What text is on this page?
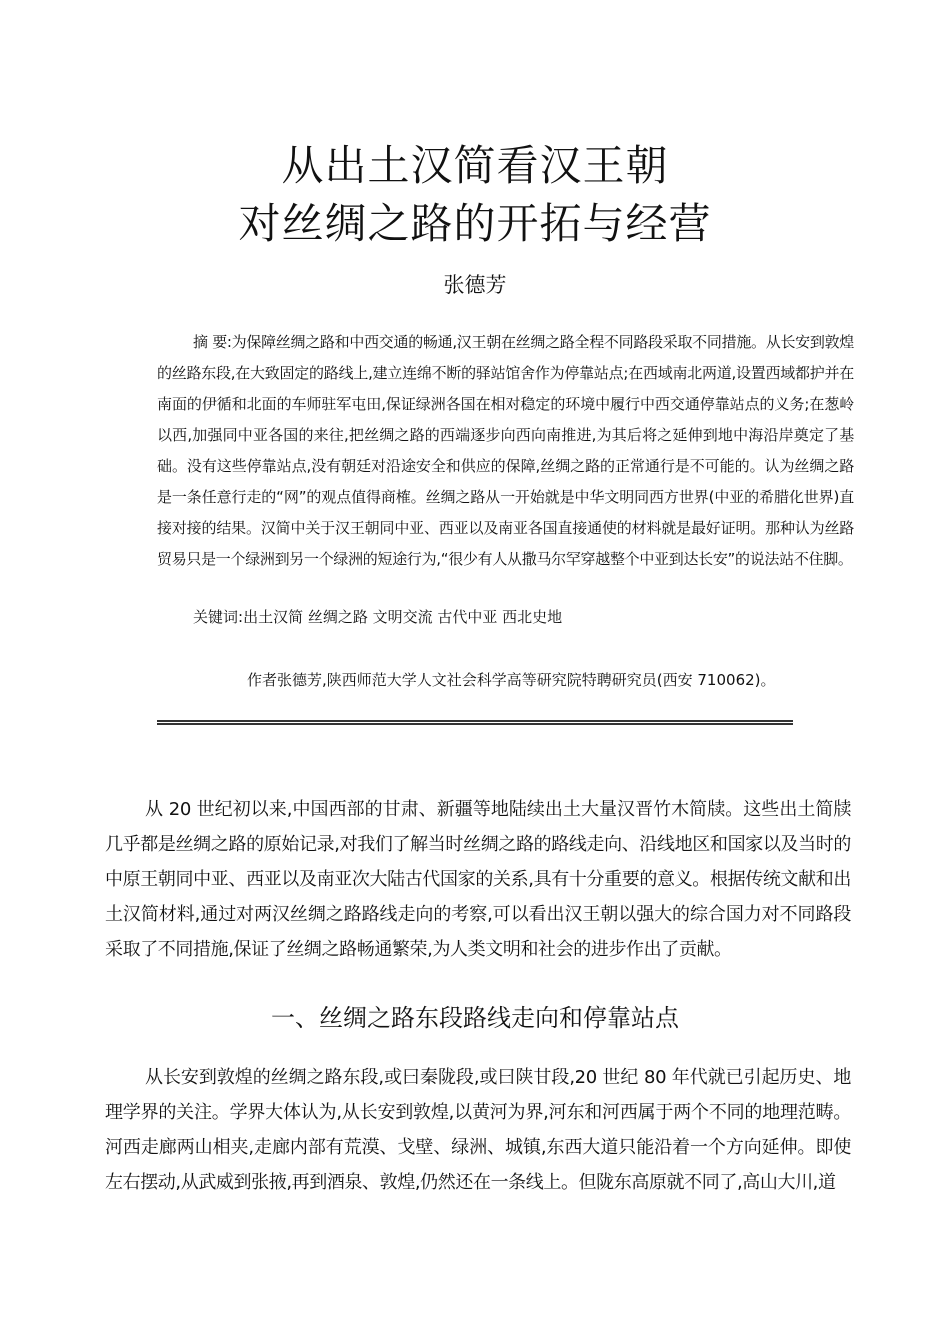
从出土汉简看汉王朝
对丝绸之路的开拓与经营
张德芳

摘 要:为保障丝绸之路和中西交通的畅通,汉王朝在丝绸之路全程不同路段采取不同措施。从长安到敦煌的丝路东段,在大致固定的路线上,建立连绵不断的驿站馆舍作为停靠站点;在西域南北两道,设置西域都护并在南面的伊循和北面的车师驻军屯田,保证绿洲各国在相对稳定的环境中履行中西交通停靠站点的义务;在葱岭以西,加强同中亚各国的来往,把丝绸之路的西端逐步向西向南推进,为其后将之延伸到地中海沿岸奠定了基础。没有这些停靠站点,没有朝廷对沿途安全和供应的保障,丝绸之路的正常通行是不可能的。认为丝绸之路是一条任意行走的“网”的观点值得商榷。丝绸之路从一开始就是中华文明同西方世界(中亚的希腊化世界)直接对接的结果。汉简中关于汉王朝同中亚、西亚以及南亚各国直接通使的材料就是最好证明。那种认为丝路贸易只是一个绿洲到另一个绿洲的短途行为,“很少有人从撒马尔罕穿越整个中亚到达长安”的说法站不住脚。

关键词:出土汉简 丝绸之路 文明交流 古代中亚 西北史地

作者张德芳,陕西师范大学人文社会科学高等研究院特聘研究员(西安 710062)。

从 20 世纪初以来,中国西部的甘肃、新疆等地陆续出土大量汉晋竹木简牍。这些出土简牍几乎都是丝绸之路的原始记录,对我们了解当时丝绸之路的路线走向、沿线地区和国家以及当时的中原王朝同中亚、西亚以及南亚次大陆古代国家的关系,具有十分重要的意义。根据传统文献和出土汉简材料,通过对两汉丝绸之路路线走向的考察,可以看出汉王朝以强大的综合国力对不同路段采取了不同措施,保证了丝绸之路畅通繁荣,为人类文明和社会的进步作出了贡献。

一、丝绸之路东段路线走向和停靠站点

从长安到敦煌的丝绸之路东段,或曰秦陇段,或曰陕甘段,20 世纪 80 年代就已引起历史、地理学界的关注。学界大体认为,从长安到敦煌,以黄河为界,河东和河西属于两个不同的地理范畴。河西走廊两山相夹,走廊内部有荒漠、戈壁、绿洲、城镇,东西大道只能沿着一个方向延伸。即使左右摆动,从武威到张掖,再到酒泉、敦煌,仍然还在一条线上。但陇东高原就不同了,高山大川,道
